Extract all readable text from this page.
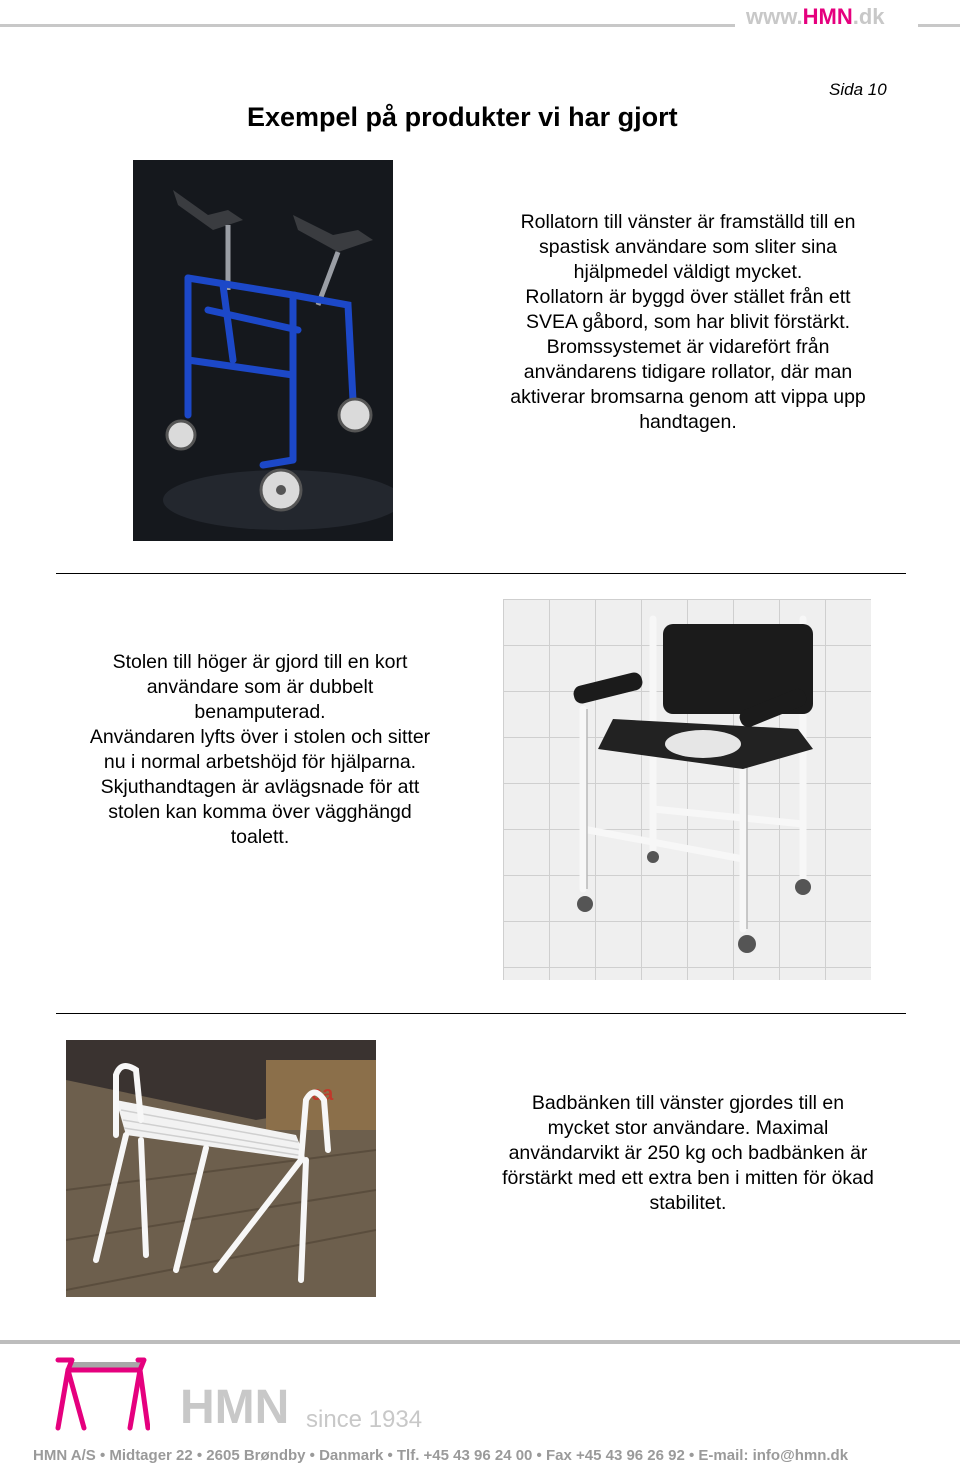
www.HMN.dk
Sida 10
Exempel på produkter vi har gjort

Rollatorn till vänster är framställd till en

spastisk användare som sliter sina

hjälpmedel väldigt mycket.

Rollatorn är byggd över stället från ett

SVEA gåbord, som har blivit förstärkt.

Bromssystemet är vidarefört från

användarens tidigare rollator, där man

aktiverar bromsarna genom att vippa upp

handtagen.

Stolen till höger är gjord till en kort

användare som är dubbelt

benamputerad.

Användaren lyfts över i stolen och sitter

nu i normal arbetshöjd för hjälparna.

Skjuthandtagen är avlägsnade för att

stolen kan komma över vägghängd

toalett.

ca	Badbänken till vänster gjordes till en

mycket stor användare. Maximal

användarvikt är 250 kg och badbänken är

förstärkt med ett extra ben i mitten för ökad

stabilitet.

HMN since 1934
HMN A/S • Midtager 22 • 2605 Brøndby • Danmark • Tlf. +45 43 96 24 00 • Fax +45 43 96 26 92 • E-mail: info@hmn.dk
